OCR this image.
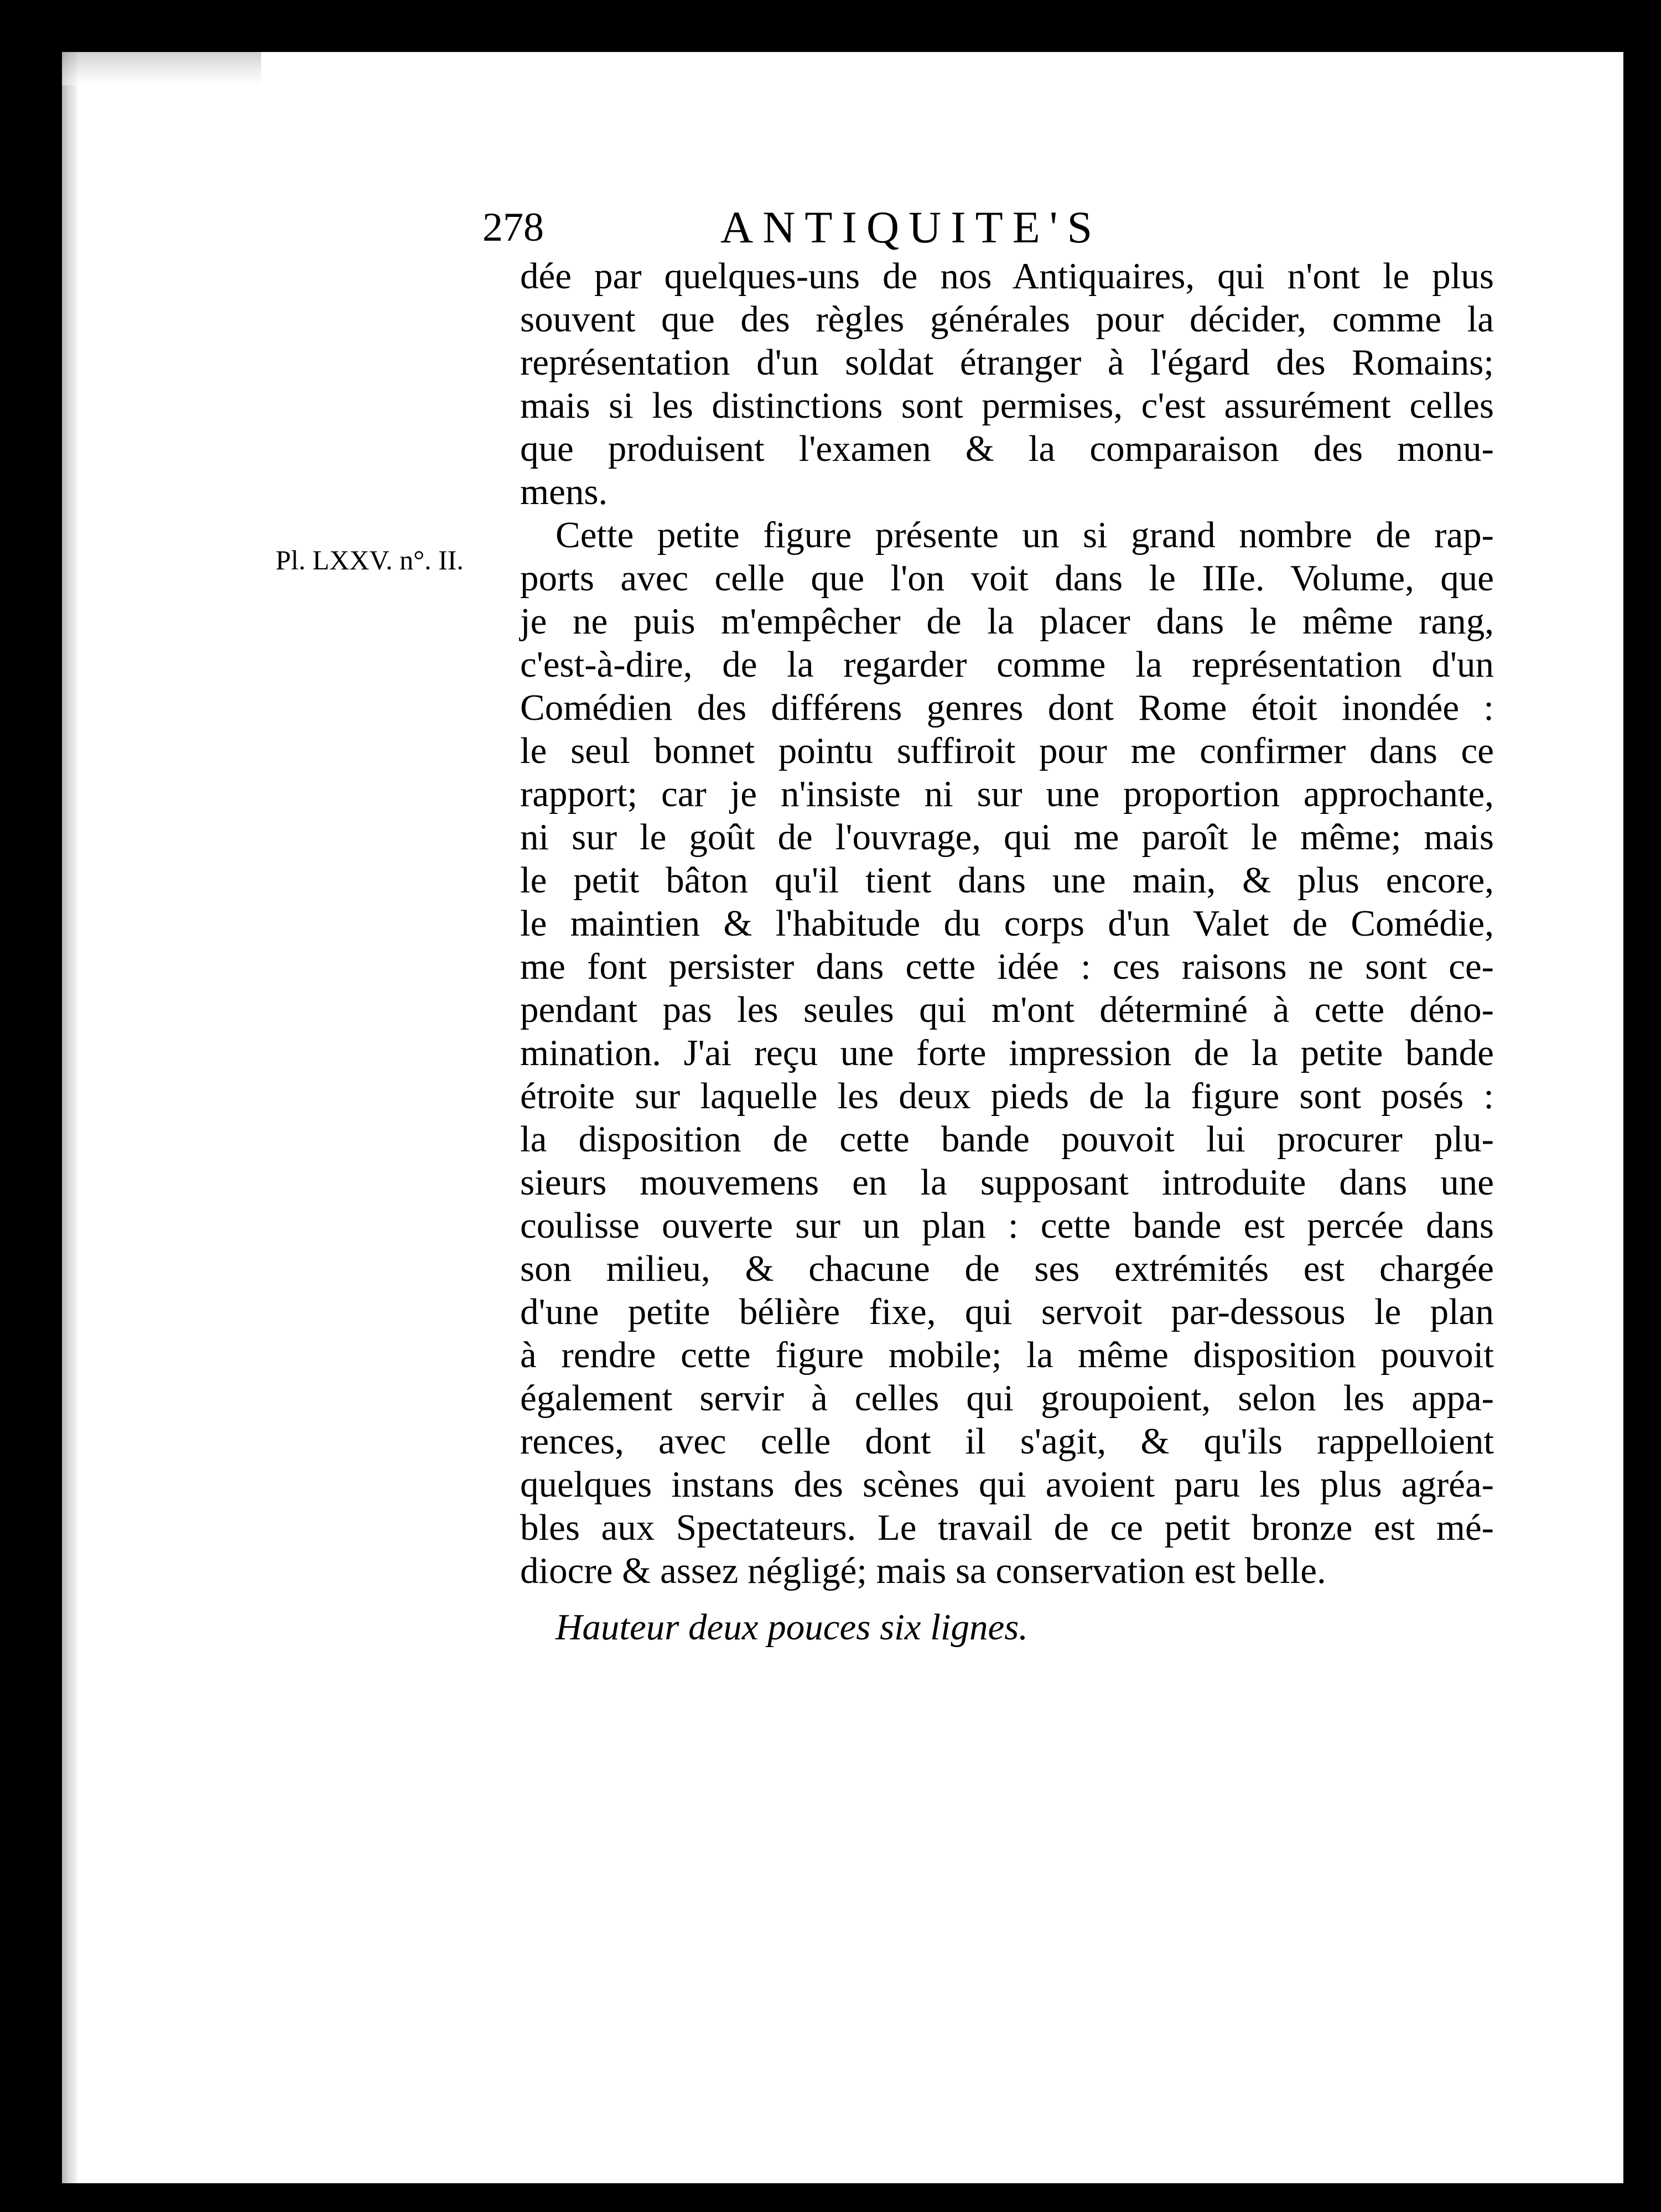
278	ANTIQUITE'S
Pl. LXXV. n°. II.
dée par quelques-uns de nos Antiquaires, qui n'ont le plus
souvent que des règles générales pour décider, comme la
représentation d'un soldat étranger à l'égard des Romains;
mais si les distinctions sont permises, c'est assurément celles
que produisent l'examen & la comparaison des monu-
mens.
Cette petite figure présente un si grand nombre de rap-
ports avec celle que l'on voit dans le IIIe. Volume, que
je ne puis m'empêcher de la placer dans le même rang,
c'est-à-dire, de la regarder comme la représentation d'un
Comédien des différens genres dont Rome étoit inondée :
le seul bonnet pointu suffiroit pour me confirmer dans ce
rapport; car je n'insiste ni sur une proportion approchante,
ni sur le goût de l'ouvrage, qui me paroît le même; mais
le petit bâton qu'il tient dans une main, & plus encore,
le maintien & l'habitude du corps d'un Valet de Comédie,
me font persister dans cette idée : ces raisons ne sont ce-
pendant pas les seules qui m'ont déterminé à cette déno-
mination. J'ai reçu une forte impression de la petite bande
étroite sur laquelle les deux pieds de la figure sont posés :
la disposition de cette bande pouvoit lui procurer plu-
sieurs mouvemens en la supposant introduite dans une
coulisse ouverte sur un plan : cette bande est percée dans
son milieu, & chacune de ses extrémités est chargée
d'une petite bélière fixe, qui servoit par-dessous le plan
à rendre cette figure mobile; la même disposition pouvoit
également servir à celles qui groupoient, selon les appa-
rences, avec celle dont il s'agit, & qu'ils rappelloient
quelques instans des scènes qui avoient paru les plus agréa-
bles aux Spectateurs. Le travail de ce petit bronze est mé-
diocre & assez négligé; mais sa conservation est belle.
Hauteur deux pouces six lignes.
